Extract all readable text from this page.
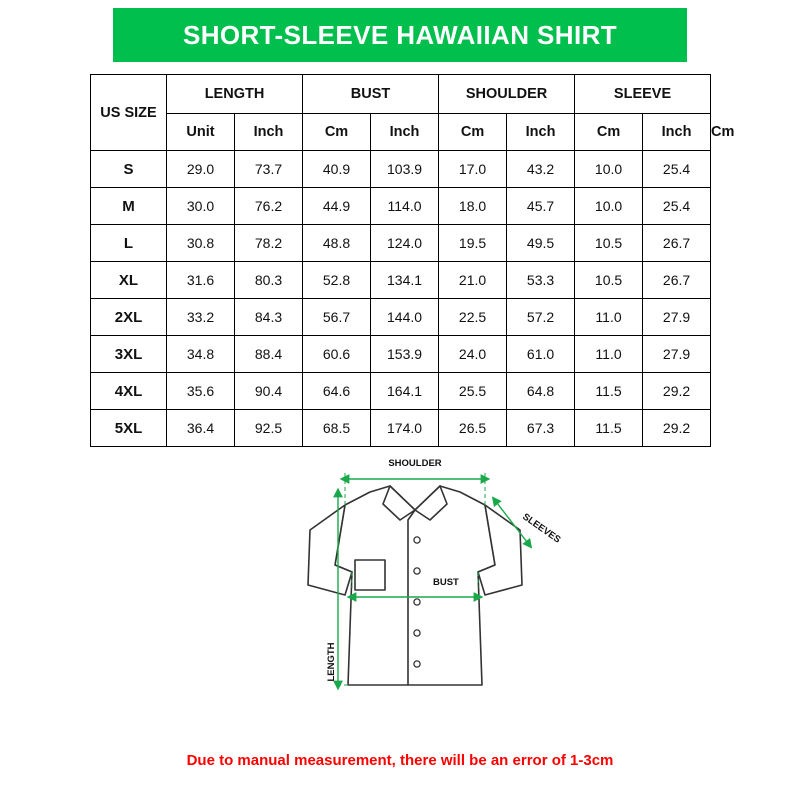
SHORT-SLEEVE HAWAIIAN SHIRT
US SIZE	LENGTH		BUST		SHOULDER		SLEEVE		
	Unit	Inch	Cm	Inch	Cm	Inch	Cm	Inch	Cm
S	29.0	73.7	40.9	103.9	17.0	43.2	10.0	25.4	
M	30.0	76.2	44.9	114.0	18.0	45.7	10.0	25.4	
L	30.8	78.2	48.8	124.0	19.5	49.5	10.5	26.7	
XL	31.6	80.3	52.8	134.1	21.0	53.3	10.5	26.7	
2XL	33.2	84.3	56.7	144.0	22.5	57.2	11.0	27.9	
3XL	34.8	88.4	60.6	153.9	24.0	61.0	11.0	27.9	
4XL	35.6	90.4	64.6	164.1	25.5	64.8	11.5	29.2	
5XL	36.4	92.5	68.5	174.0	26.5	67.3	11.5	29.2	
SHOULDER
SLEEVES
BUST
LENGTH
Due to manual measurement, there will be an error of 1-3cm
